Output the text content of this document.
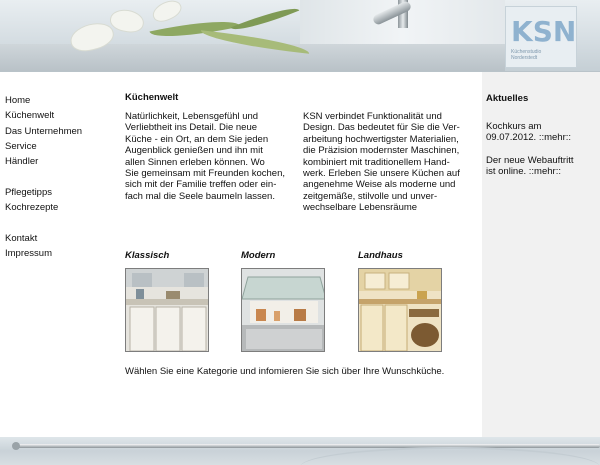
KSN
Küchenstudio
Norderstedt
Home
Küchenwelt
Das Unternehmen
Service
Händler
Pflegetipps
Kochrezepte
Kontakt
Impressum
Küchenwelt
Natürlichkeit, Lebensgefühl und
Verliebtheit ins Detail. Die neue
Küche - ein Ort, an dem Sie jeden
Augenblick genießen und ihn mit
allen Sinnen erleben können. Wo
Sie gemeinsam mit Freunden kochen,
sich mit der Familie treffen oder ein-
fach mal die Seele baumeln lassen.
KSN verbindet Funktionalität und
Design. Das bedeutet für Sie die Ver-
arbeitung hochwertigster Materialien,
die Präzision modernster Maschinen,
kombiniert mit traditionellem Hand-
werk. Erleben Sie unsere Küchen auf
angenehme Weise als moderne und
zeitgemäße, stilvolle und unver-
wechselbare Lebensräume
Klassisch	Modern	Landhaus
Wählen Sie eine Kategorie und infomieren Sie sich über Ihre Wunschküche.
Aktuelles
Kochkurs am
09.07.2012. ::mehr::
Der neue Webauftritt
ist online. ::mehr::
